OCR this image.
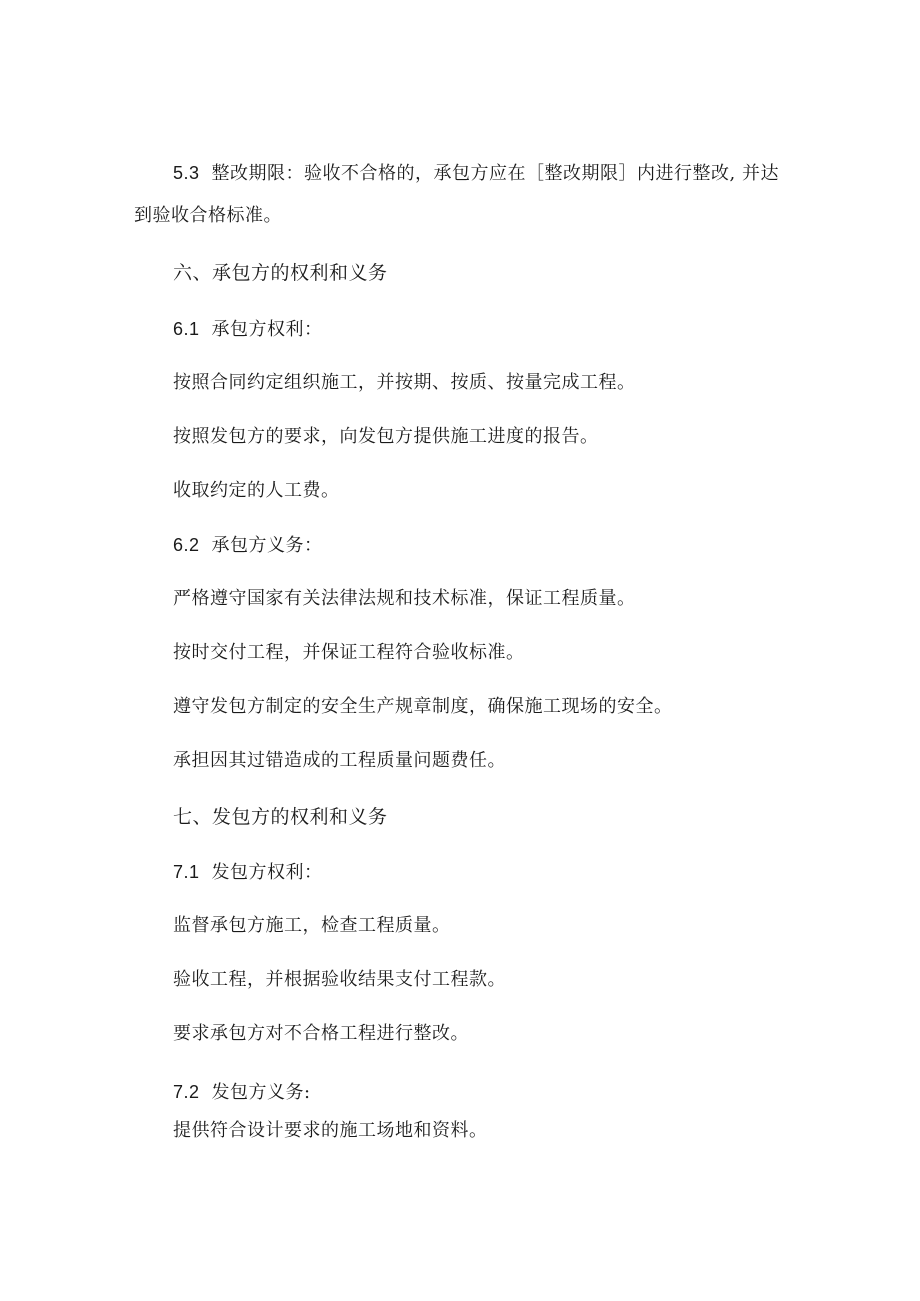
5.3 整改期限：验收不合格的，承包方应在［整改期限］内进行整改, 并达
到验收合格标准。
六、承包方的权利和义务
6.1 承包方权利：
按照合同约定组织施工，并按期、按质、按量完成工程。
按照发包方的要求，向发包方提供施工进度的报告。
收取约定的人工费。
6.2 承包方义务：
严格遵守国家有关法律法规和技术标准，保证工程质量。
按时交付工程，并保证工程符合验收标准。
遵守发包方制定的安全生产规章制度，确保施工现场的安全。
承担因其过错造成的工程质量问题费任。
七、发包方的权利和义务
7.1 发包方权利：
监督承包方施工，检查工程质量。
验收工程，并根据验收结果支付工程款。
要求承包方对不合格工程进行整改。
7.2 发包方义务:
提供符合设计要求的施工场地和资料。
